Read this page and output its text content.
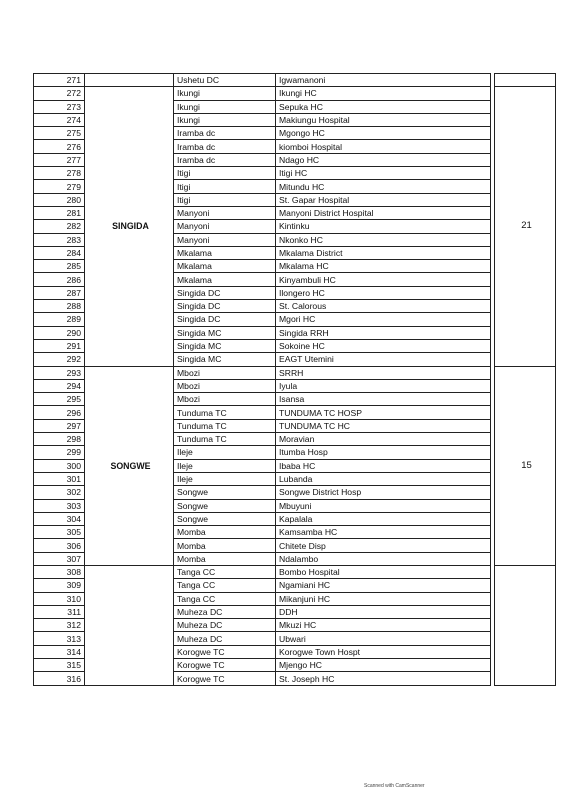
271		Ushetu DC	Igwamanoni		
272	SINGIDA	Ikungi	Ikungi HC		21
273		Ikungi	Sepuka HC		
274		Ikungi	Makiungu Hospital		
275		Iramba dc	Mgongo HC		
276		Iramba dc	kiomboi Hospital		
277		Iramba dc	Ndago HC		
278		Itigi	Itigi HC		
279		Itigi	Mitundu HC		
280		Itigi	St. Gapar Hospital		
281		Manyoni	Manyoni District Hospital		
282		Manyoni	Kintinku		
283		Manyoni	Nkonko HC		
284		Mkalama	Mkalama District		
285		Mkalama	Mkalama HC		
286		Mkalama	Kinyambuli HC		
287		Singida DC	Ilongero HC		
288		Singida DC	St. Calorous		
289		Singida DC	Mgori HC		
290		Singida MC	Singida RRH		
291		Singida MC	Sokoine HC		
292		Singida MC	EAGT Utemini		
293	SONGWE	Mbozi	SRRH		15
294		Mbozi	Iyula		
295		Mbozi	Isansa		
296		Tunduma TC	TUNDUMA TC HOSP		
297		Tunduma TC	TUNDUMA TC HC		
298		Tunduma TC	Moravian		
299		Ileje	Itumba Hosp		
300		Ileje	Ibaba HC		
301		Ileje	Lubanda		
302		Songwe	Songwe District Hosp		
303		Songwe	Mbuyuni		
304		Songwe	Kapalala		
305		Momba	Kamsamba HC		
306		Momba	Chitete Disp		
307		Momba	Ndalambo		
308		Tanga CC	Bombo Hospital		
309		Tanga CC	Ngamiani HC		
310		Tanga CC	Mikanjuni HC		
311		Muheza DC	DDH		
312		Muheza DC	Mkuzi HC		
313		Muheza DC	Ubwari		
314		Korogwe TC	Korogwe Town Hospt		
315		Korogwe TC	Mjengo HC		
316		Korogwe TC	St. Joseph HC		
Scanned with CamScanner
